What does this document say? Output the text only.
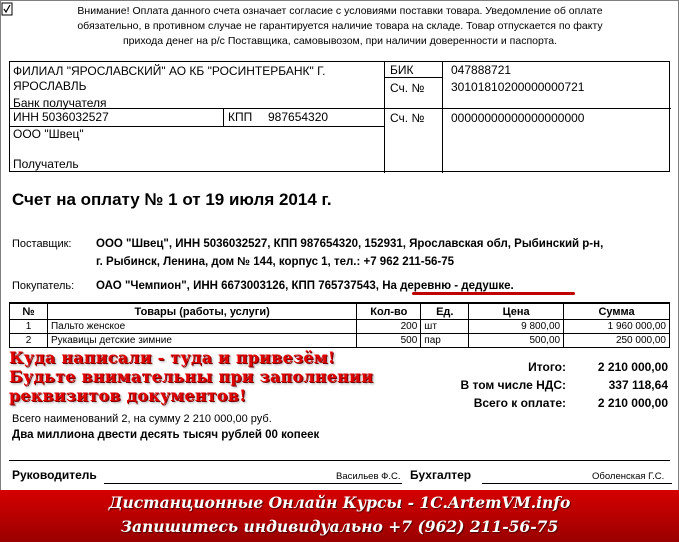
Внимание! Оплата данного счета означает согласие с условиями поставки товара. Уведомление об оплате
обязательно, в противном случае не гарантируется наличие товара на складе. Товар отпускается по факту
прихода денег на р/с Поставщика, самовывозом, при наличии доверенности и паспорта.
ФИЛИАЛ "ЯРОСЛАВСКИЙ" АО КБ "РОСИНТЕРБАНК" Г.
ЯРОСЛАВЛЬ
Банк получателя
БИК	047888721
Сч. № 30101810200000000721
ИНН 5036032527	КПП 987654320
ООО "Швец"
Получатель
Сч. № 00000000000000000000
Счет на оплату № 1 от 19 июля 2014 г.
Поставщик: ООО "Швец", ИНН 5036032527, КПП 987654320, 152931, Ярославская обл, Рыбинский р-н,
г. Рыбинск, Ленина, дом № 144, корпус 1, тел.: +7 962 211-56-75
Покупатель: ОАО "Чемпион", ИНН 6673003126, КПП 765737543, На деревню - дедушке.
№	Товары (работы, услуги)	Кол-во	Ед.	Цена	Сумма
1	Пальто женское	200	шт	9 800,00	1 960 000,00
2	Рукавицы детские зимние	500	пар	500,00	250 000,00
Итого:	2 210 000,00
В том числе НДС:	337 118,64
Всего к оплате:	2 210 000,00
Куда написали - туда и привезём!
Будьте внимательны при заполнении
реквизитов документов!
Всего наименований 2, на сумму 2 210 000,00 руб.
Два миллиона двести десять тысяч рублей 00 копеек
Руководитель	Васильев Ф.С. Бухгалтер	Оболенская Г.С.
Дистанционные Онлайн Курсы - 1С.ArtemVM.info
Запишитесь индивидуально +7 (962) 211-56-75
